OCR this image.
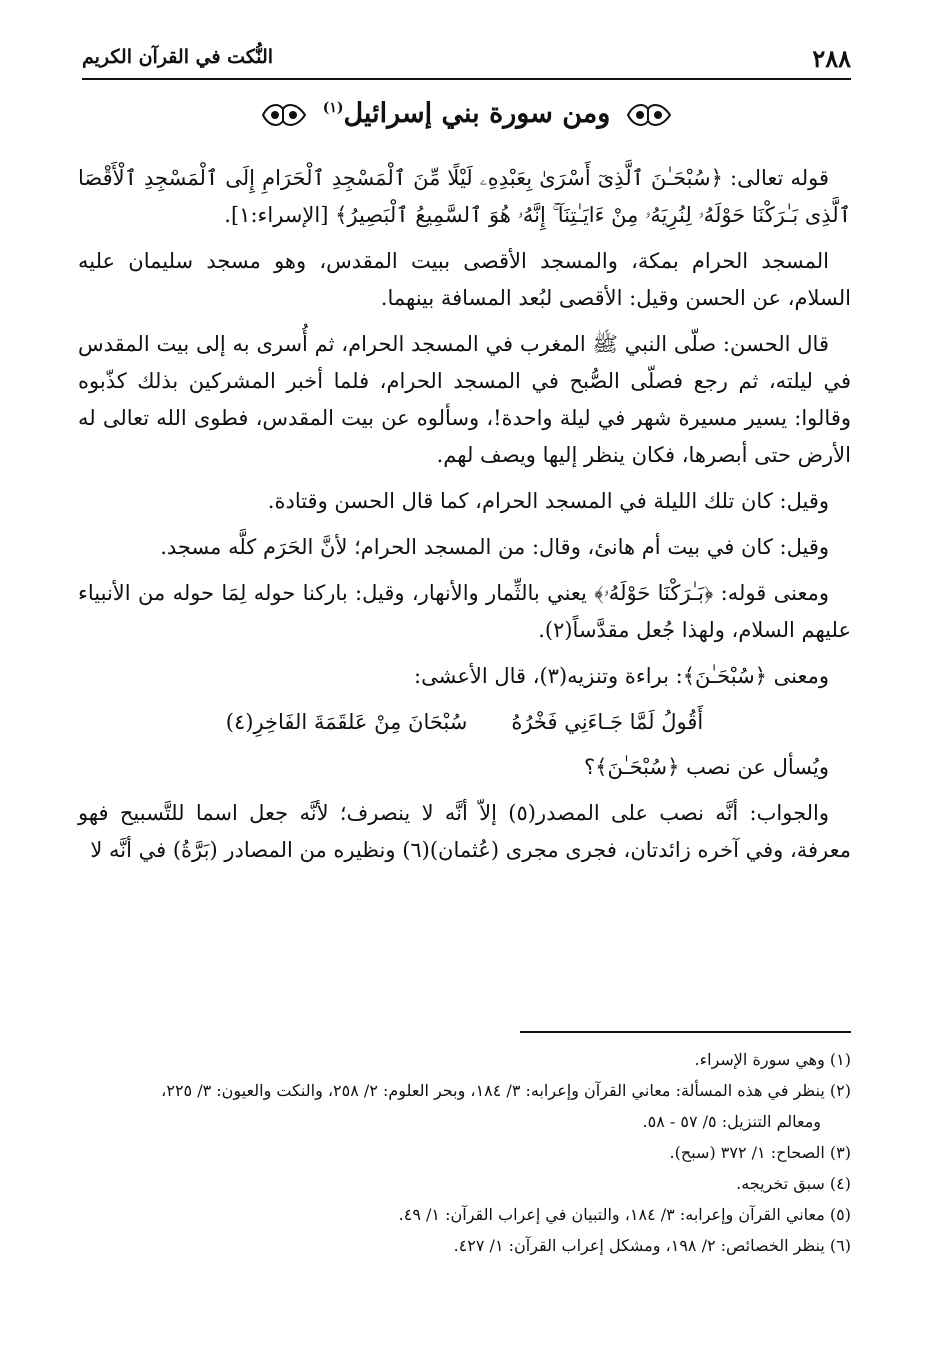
٢٨٨
النُّكت في القرآن الكريم
ومن سورة بني إسرائيل$^{(١)}$

قوله تعالى: ﴿سُبْحَـٰنَ ٱلَّذِىٓ أَسْرَىٰ بِعَبْدِهِۦ لَيْلًا مِّنَ ٱلْمَسْجِدِ ٱلْحَرَامِ إِلَى ٱلْمَسْجِدِ ٱلْأَقْصَا ٱلَّذِى بَـٰرَكْنَا حَوْلَهُۥ لِنُرِيَهُۥ مِنْ ءَايَـٰتِنَآ ۚ إِنَّهُۥ هُوَ ٱلسَّمِيعُ ٱلْبَصِيرُ﴾ [الإسراء:١].

المسجد الحرام بمكة، والمسجد الأقصى ببيت المقدس، وهو مسجد سليمان عليه السلام، عن الحسن وقيل: الأقصى لبُعد المسافة بينهما.

قال الحسن: صلّى النبي ﷺ المغرب في المسجد الحرام، ثم أُسرى به إلى بيت المقدس في ليلته، ثم رجع فصلّى الصُّبح في المسجد الحرام، فلما أخبر المشركين بذلك كذّبوه وقالوا: يسير مسيرة شهر في ليلة واحدة!، وسألوه عن بيت المقدس، فطوى الله تعالى له الأرض حتى أبصرها، فكان ينظر إليها ويصف لهم.

وقيل: كان تلك الليلة في المسجد الحرام، كما قال الحسن وقتادة.

وقيل: كان في بيت أم هانئ، وقال: من المسجد الحرام؛ لأنَّ الحَرَم كلَّه مسجد.

ومعنى قوله: ﴿بَـٰرَكْنَا حَوْلَهُۥ﴾ يعني بالثِّمار والأنهار، وقيل: باركنا حوله لِمَا حوله من الأنبياء عليهم السلام، ولهذا جُعل مقدَّساً(٢).

ومعنى ﴿سُبْحَـٰنَ﴾: براءة وتنزيه(٣)، قال الأعشى:

أَقُولُ لَمَّا جَـاءَنِي فَخْرُهُ
سُبْحَانَ مِنْ عَلقَمَةَ الفَاخِرِ(٤)

ويُسأل عن نصب ﴿سُبْحَـٰنَ﴾؟

والجواب: أنَّه نصب على المصدر(٥) إلاّ أنَّه لا ينصرف؛ لأنَّه جعل اسما للتَّسبيح فهو معرفة، وفي آخره زائدتان، فجرى مجرى (عُثمان)(٦) ونظيره من المصادر (بَرَّةُ) في أنَّه لا

(١) وهي سورة الإسراء.

(٢) ينظر في هذه المسألة: معاني القرآن وإعرابه: ٣/ ١٨٤، وبحر العلوم: ٢/ ٢٥٨، والنكت والعيون: ٣/ ٢٢٥،

ومعالم التنزيل: ٥/ ٥٧ - ٥٨.

(٣) الصحاح: ١/ ٣٧٢ (سبح).

(٤) سبق تخريجه.

(٥) معاني القرآن وإعرابه: ٣/ ١٨٤، والتبيان في إعراب القرآن: ١/ ٤٩.

(٦) ينظر الخصائص: ٢/ ١٩٨، ومشكل إعراب القرآن: ١/ ٤٢٧.
